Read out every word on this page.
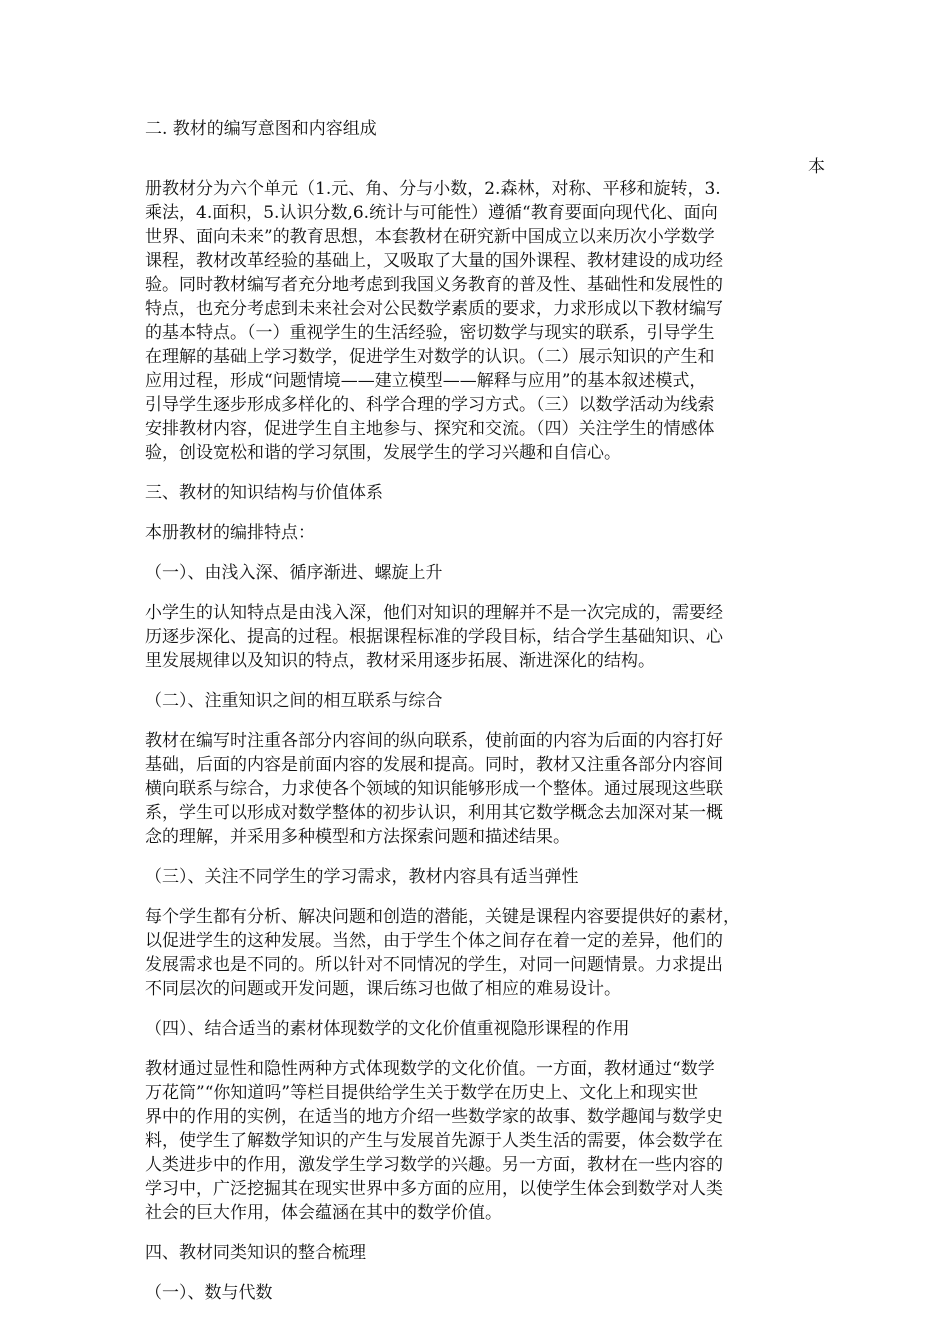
二. 教材的编写意图和内容组成
本
册教材分为六个单元（1.元、角、分与小数，2.森林，对称、平移和旋转，3.
乘法，4.面积，5.认识分数,6.统计与可能性）遵循“教育要面向现代化、面向
世界、面向未来”的教育思想，本套教材在研究新中国成立以来历次小学数学
课程，教材改革经验的基础上，又吸取了大量的国外课程、教材建设的成功经
验。同时教材编写者充分地考虑到我国义务教育的普及性、基础性和发展性的
特点，也充分考虑到未来社会对公民数学素质的要求，力求形成以下教材编写
的基本特点。（一）重视学生的生活经验，密切数学与现实的联系，引导学生
在理解的基础上学习数学，促进学生对数学的认识。（二）展示知识的产生和
应用过程，形成“问题情境——建立模型——解释与应用”的基本叙述模式，
引导学生逐步形成多样化的、科学合理的学习方式。（三）以数学活动为线索
安排教材内容，促进学生自主地参与、探究和交流。（四）关注学生的情感体
验，创设宽松和谐的学习氛围，发展学生的学习兴趣和自信心。
三、教材的知识结构与价值体系
本册教材的编排特点：
（一）、由浅入深、循序渐进、螺旋上升
小学生的认知特点是由浅入深，他们对知识的理解并不是一次完成的，需要经
历逐步深化、提高的过程。根据课程标准的学段目标，结合学生基础知识、心
里发展规律以及知识的特点，教材采用逐步拓展、渐进深化的结构。
（二）、注重知识之间的相互联系与综合
教材在编写时注重各部分内容间的纵向联系，使前面的内容为后面的内容打好
基础，后面的内容是前面内容的发展和提高。同时，教材又注重各部分内容间
横向联系与综合，力求使各个领域的知识能够形成一个整体。通过展现这些联
系，学生可以形成对数学整体的初步认识，利用其它数学概念去加深对某一概
念的理解，并采用多种模型和方法探索问题和描述结果。
（三）、关注不同学生的学习需求，教材内容具有适当弹性
每个学生都有分析、解决问题和创造的潜能，关键是课程内容要提供好的素材，
以促进学生的这种发展。当然，由于学生个体之间存在着一定的差异，他们的
发展需求也是不同的。所以针对不同情况的学生，对同一问题情景。力求提出
不同层次的问题或开发问题，课后练习也做了相应的难易设计。
（四）、结合适当的素材体现数学的文化价值重视隐形课程的作用
教材通过显性和隐性两种方式体现数学的文化价值。一方面，教材通过“数学
万花筒”“你知道吗”等栏目提供给学生关于数学在历史上、文化上和现实世
界中的作用的实例，在适当的地方介绍一些数学家的故事、数学趣闻与数学史
料，使学生了解数学知识的产生与发展首先源于人类生活的需要，体会数学在
人类进步中的作用，激发学生学习数学的兴趣。另一方面，教材在一些内容的
学习中，广泛挖掘其在现实世界中多方面的应用，以使学生体会到数学对人类
社会的巨大作用，体会蕴涵在其中的数学价值。
四、教材同类知识的整合梳理
（一）、数与代数
